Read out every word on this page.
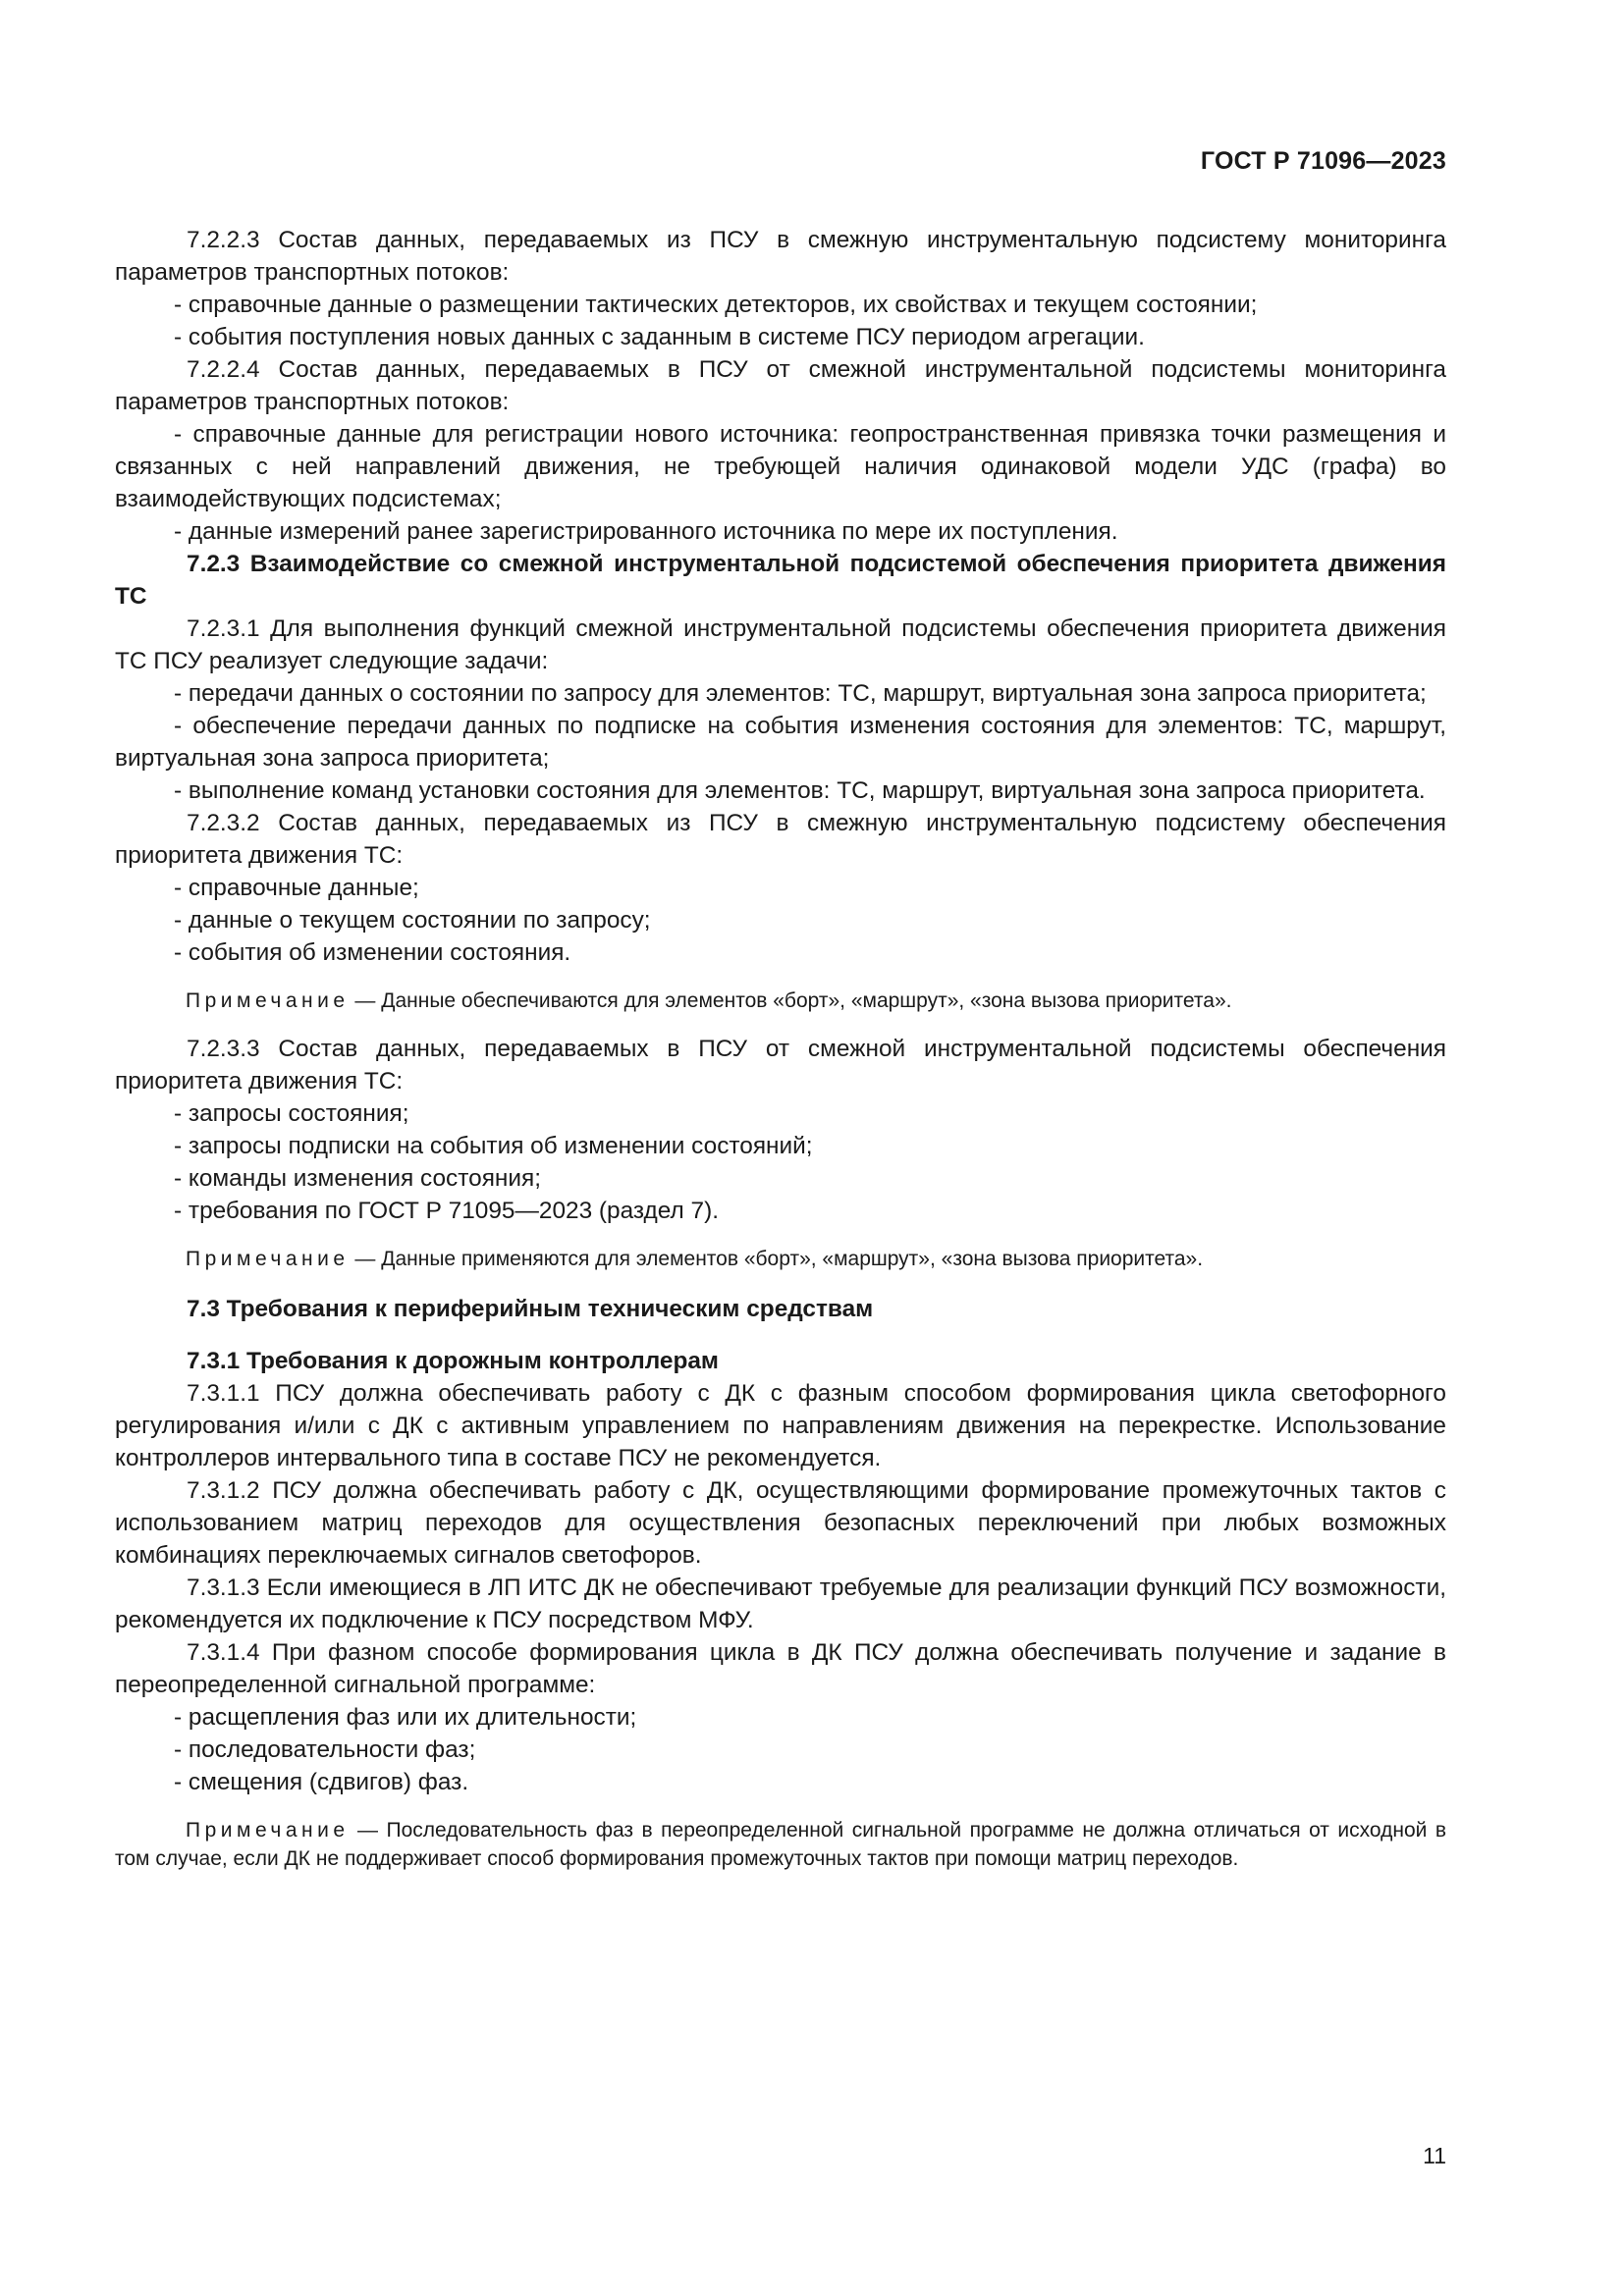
ГОСТ Р 71096—2023

7.2.2.3 Состав данных, передаваемых из ПСУ в смежную инструментальную подсистему мониторинга параметров транспортных потоков:

- справочные данные о размещении тактических детекторов, их свойствах и текущем состоянии;

- события поступления новых данных с заданным в системе ПСУ периодом агрегации.

7.2.2.4 Состав данных, передаваемых в ПСУ от смежной инструментальной подсистемы мониторинга параметров транспортных потоков:

- справочные данные для регистрации нового источника: геопространственная привязка точки размещения и связанных с ней направлений движения, не требующей наличия одинаковой модели УДС (графа) во взаимодействующих подсистемах;

- данные измерений ранее зарегистрированного источника по мере их поступления.

7.2.3 Взаимодействие со смежной инструментальной подсистемой обеспечения приоритета движения ТС

7.2.3.1 Для выполнения функций смежной инструментальной подсистемы обеспечения приоритета движения ТС ПСУ реализует следующие задачи:

- передачи данных о состоянии по запросу для элементов: ТС, маршрут, виртуальная зона запроса приоритета;

- обеспечение передачи данных по подписке на события изменения состояния для элементов: ТС, маршрут, виртуальная зона запроса приоритета;

- выполнение команд установки состояния для элементов: ТС, маршрут, виртуальная зона запроса приоритета.

7.2.3.2 Состав данных, передаваемых из ПСУ в смежную инструментальную подсистему обеспечения приоритета движения ТС:

- справочные данные;

- данные о текущем состоянии по запросу;

- события об изменении состояния.

Примечание — Данные обеспечиваются для элементов «борт», «маршрут», «зона вызова приоритета».

7.2.3.3 Состав данных, передаваемых в ПСУ от смежной инструментальной подсистемы обеспечения приоритета движения ТС:

- запросы состояния;

- запросы подписки на события об изменении состояний;

- команды изменения состояния;

- требования по ГОСТ Р 71095—2023 (раздел 7).

Примечание — Данные применяются для элементов «борт», «маршрут», «зона вызова приоритета».

7.3 Требования к периферийным техническим средствам

7.3.1 Требования к дорожным контроллерам

7.3.1.1 ПСУ должна обеспечивать работу с ДК с фазным способом формирования цикла светофорного регулирования и/или с ДК с активным управлением по направлениям движения на перекрестке. Использование контроллеров интервального типа в составе ПСУ не рекомендуется.

7.3.1.2 ПСУ должна обеспечивать работу с ДК, осуществляющими формирование промежуточных тактов с использованием матриц переходов для осуществления безопасных переключений при любых возможных комбинациях переключаемых сигналов светофоров.

7.3.1.3 Если имеющиеся в ЛП ИТС ДК не обеспечивают требуемые для реализации функций ПСУ возможности, рекомендуется их подключение к ПСУ посредством МФУ.

7.3.1.4 При фазном способе формирования цикла в ДК ПСУ должна обеспечивать получение и задание в переопределенной сигнальной программе:

- расщепления фаз или их длительности;

- последовательности фаз;

- смещения (сдвигов) фаз.

Примечание — Последовательность фаз в переопределенной сигнальной программе не должна отличаться от исходной в том случае, если ДК не поддерживает способ формирования промежуточных тактов при помощи матриц переходов.

11
